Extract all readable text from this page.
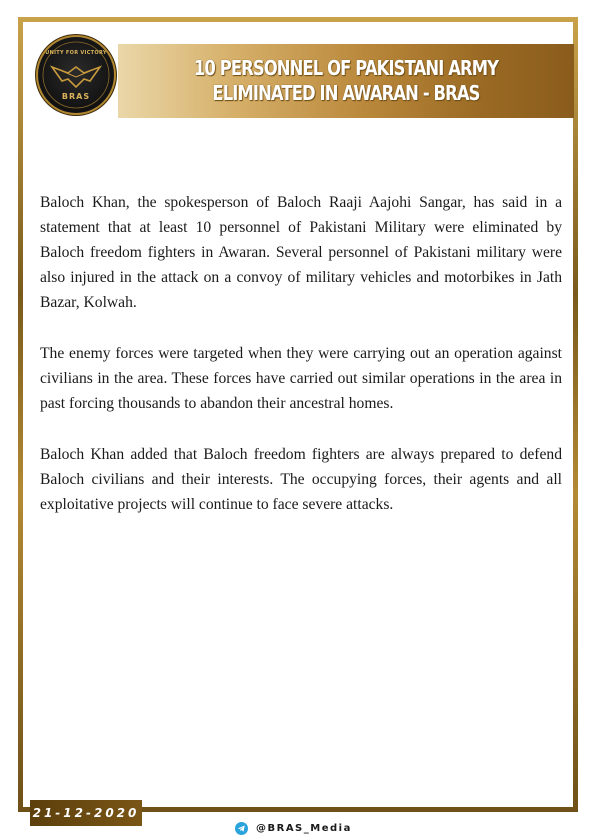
UNITY FOR VICTORY
BRAS
10 PERSONNEL OF PAKISTANI ARMY ELIMINATED IN AWARAN - BRAS

Baloch Khan, the spokesperson of Baloch Raaji Aajohi Sangar, has said in a statement that at least 10 personnel of Pakistani Military were eliminated by Baloch freedom fighters in Awaran. Several personnel of Pakistani military were also injured in the attack on a convoy of military vehicles and motorbikes in Jath Bazar, Kolwah.

The enemy forces were targeted when they were carrying out an operation against civilians in the area. These forces have carried out similar operations in the area in past forcing thousands to abandon their ancestral homes.

Baloch Khan added that Baloch freedom fighters are always prepared to defend Baloch civilians and their interests. The occupying forces, their agents and all exploitative projects will continue to face severe attacks.

21-12-2020
@BRAS_Media
